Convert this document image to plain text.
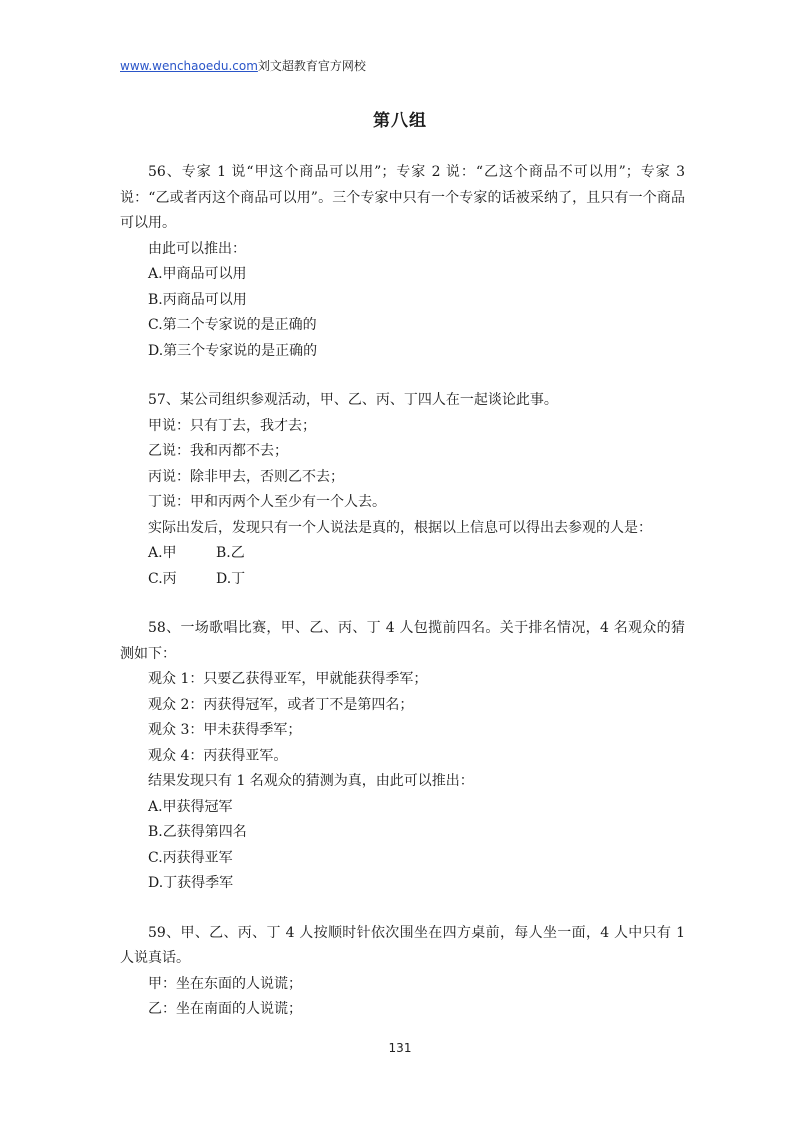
www.wenchaoedu.com刘文超教育官方网校
第八组
56、专家 1 说“甲这个商品可以用”；专家 2 说：“乙这个商品不可以用”；专家 3 说：“乙或者丙这个商品可以用”。三个专家中只有一个专家的话被采纳了，且只有一个商品可以用。
由此可以推出：
A.甲商品可以用
B.丙商品可以用
C.第二个专家说的是正确的
D.第三个专家说的是正确的
57、某公司组织参观活动，甲、乙、丙、丁四人在一起谈论此事。
甲说：只有丁去，我才去；
乙说：我和丙都不去；
丙说：除非甲去，否则乙不去；
丁说：甲和丙两个人至少有一个人去。
实际出发后，发现只有一个人说法是真的，根据以上信息可以得出去参观的人是：
A.甲	B.乙
C.丙	D.丁
58、一场歌唱比赛，甲、乙、丙、丁 4 人包揽前四名。关于排名情况，4 名观众的猜测如下：
观众 1：只要乙获得亚军，甲就能获得季军；
观众 2：丙获得冠军，或者丁不是第四名；
观众 3：甲未获得季军；
观众 4：丙获得亚军。
结果发现只有 1 名观众的猜测为真，由此可以推出：
A.甲获得冠军
B.乙获得第四名
C.丙获得亚军
D.丁获得季军
59、甲、乙、丙、丁 4 人按顺时针依次围坐在四方桌前，每人坐一面，4 人中只有 1 人说真话。
甲：坐在东面的人说谎；
乙：坐在南面的人说谎；
131
